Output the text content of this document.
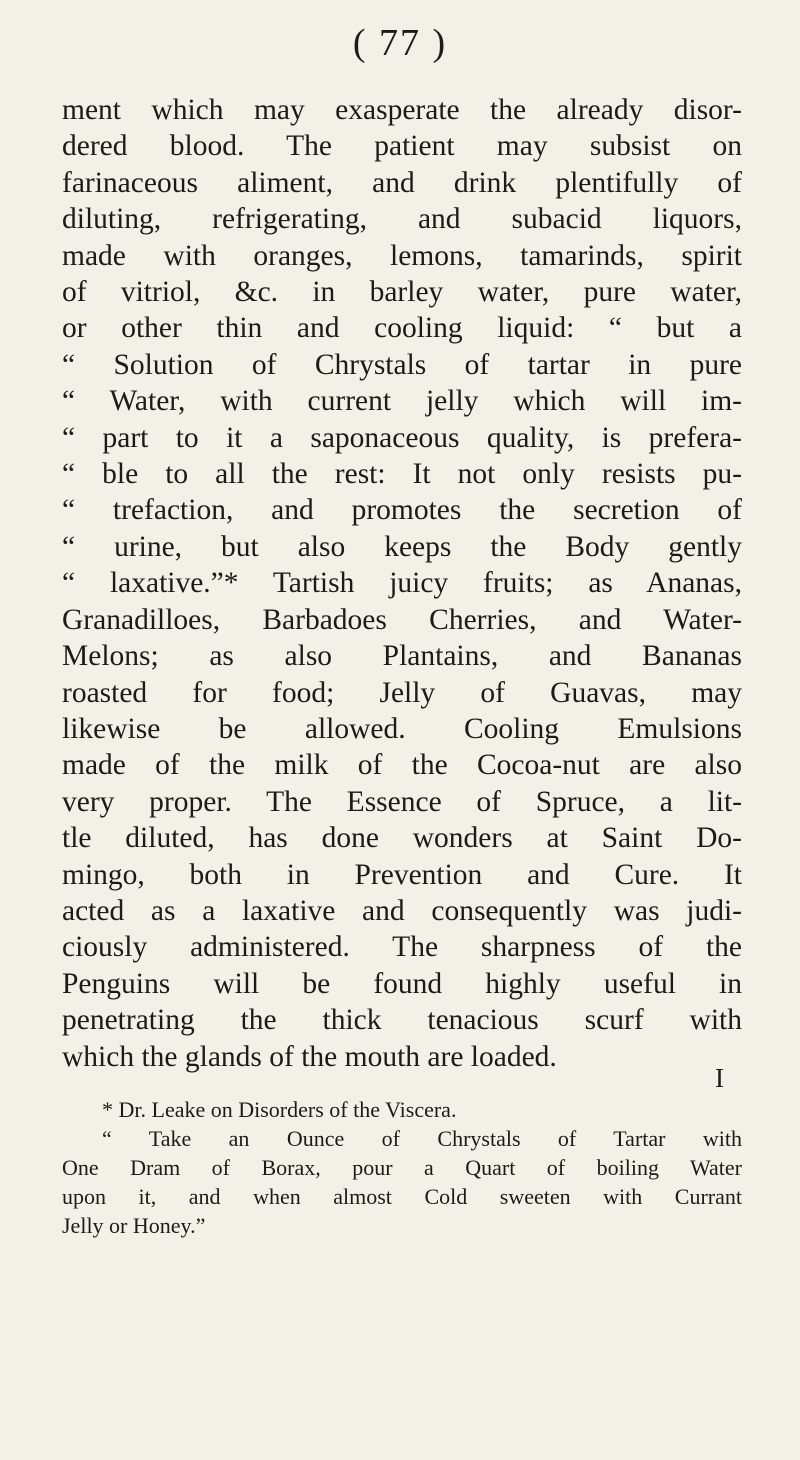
( 77 )
ment which may exasperate the already disor-
dered blood. The patient may subsist on
farinaceous aliment, and drink plentifully of
diluting, refrigerating, and subacid liquors,
made with oranges, lemons, tamarinds, spirit
of vitriol, &c. in barley water, pure water,
or other thin and cooling liquid: “ but a
“ Solution of Chrystals of tartar in pure
“ Water, with current jelly which will im-
“ part to it a saponaceous quality, is prefera-
“ ble to all the rest: It not only resists pu-
“ trefaction, and promotes the secretion of
“ urine, but also keeps the Body gently
“ laxative.”* Tartish juicy fruits; as Ananas,
Granadilloes, Barbadoes Cherries, and Water-
Melons; as also Plantains, and Bananas
roasted for food; Jelly of Guavas, may
likewise be allowed. Cooling Emulsions
made of the milk of the Cocoa-nut are also
very proper. The Essence of Spruce, a lit-
tle diluted, has done wonders at Saint Do-
mingo, both in Prevention and Cure. It
acted as a laxative and consequently was judi-
ciously administered. The sharpness of the
Penguins will be found highly useful in
penetrating the thick tenacious scurf with
which the glands of the mouth are loaded.
I
* Dr. Leake on Disorders of the Viscera.
“ Take an Ounce of Chrystals of Tartar with
One Dram of Borax, pour a Quart of boiling Water
upon it, and when almost Cold sweeten with Currant
Jelly or Honey.”
